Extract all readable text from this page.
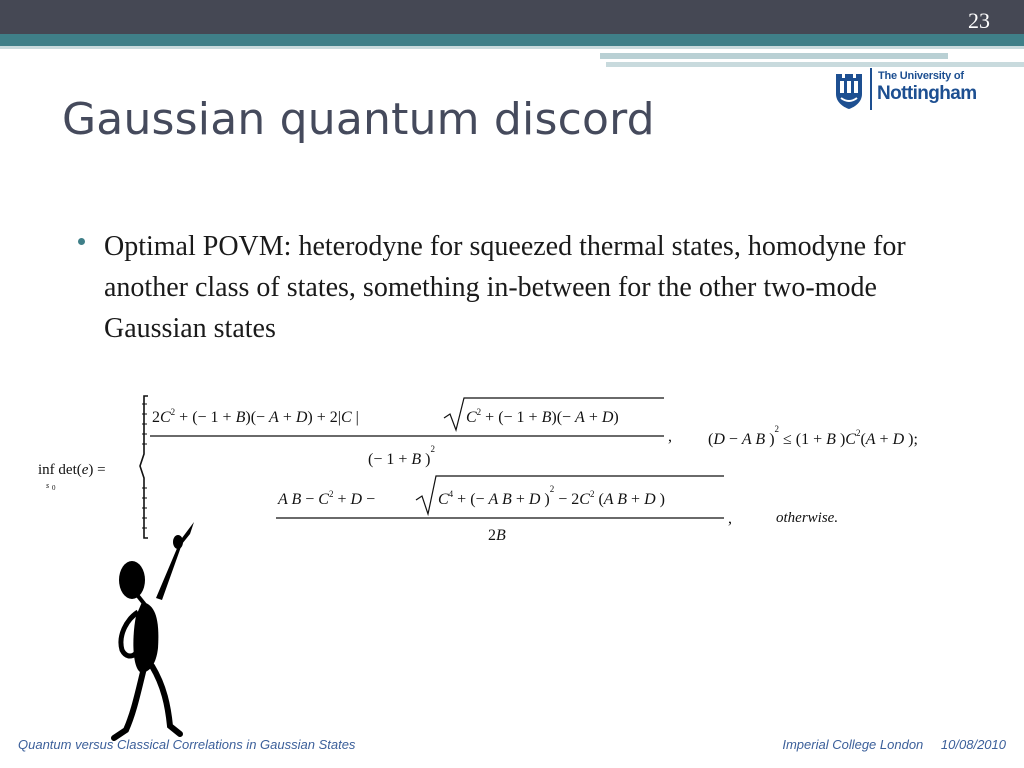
23
The University of
Nottingham
Gaussian quantum discord
Optimal POVM: heterodyne for squeezed thermal states, homodyne for another class of states, something in-between for the other two-mode Gaussian states
inf det(e) =
s 0
$2C^2$ + (− 1 + B)(− A + D) + 2|C |	$C^2$ + (− 1 + B)(− A + D)
,
(− 1 + B )$^2$
(D − A B )$^2$ ≤ (1 + B )$C^2(A + D$ );
A $B - C^2 + D$ −	$C^4$ + (− A B + D )$^2 - 2C^2$ (A B + D )
,
2B
otherwise.
Quantum versus Classical Correlations in Gaussian States	Imperial College London 10/08/2010
